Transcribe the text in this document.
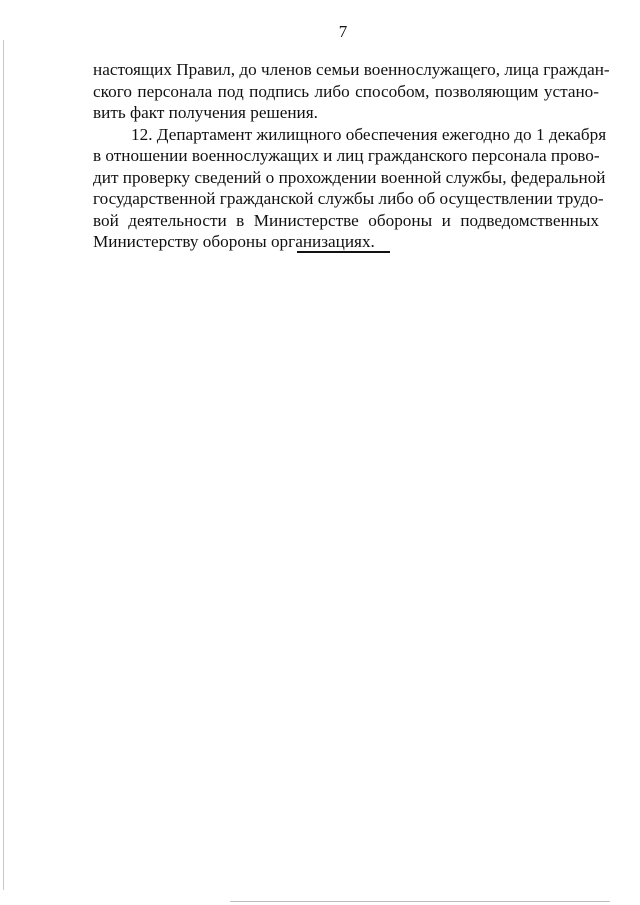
7
настоящих Правил, до членов семьи военнослужащего, лица граждан-
ского персонала под подпись либо способом, позволяющим устано-
вить факт получения решения.
12. Департамент жилищного обеспечения ежегодно до 1 декабря
в отношении военнослужащих и лиц гражданского персонала прово-
дит проверку сведений о прохождении военной службы, федеральной
государственной гражданской службы либо об осуществлении трудо-
вой деятельности в Министерстве обороны и подведомственных
Министерству обороны организациях.
